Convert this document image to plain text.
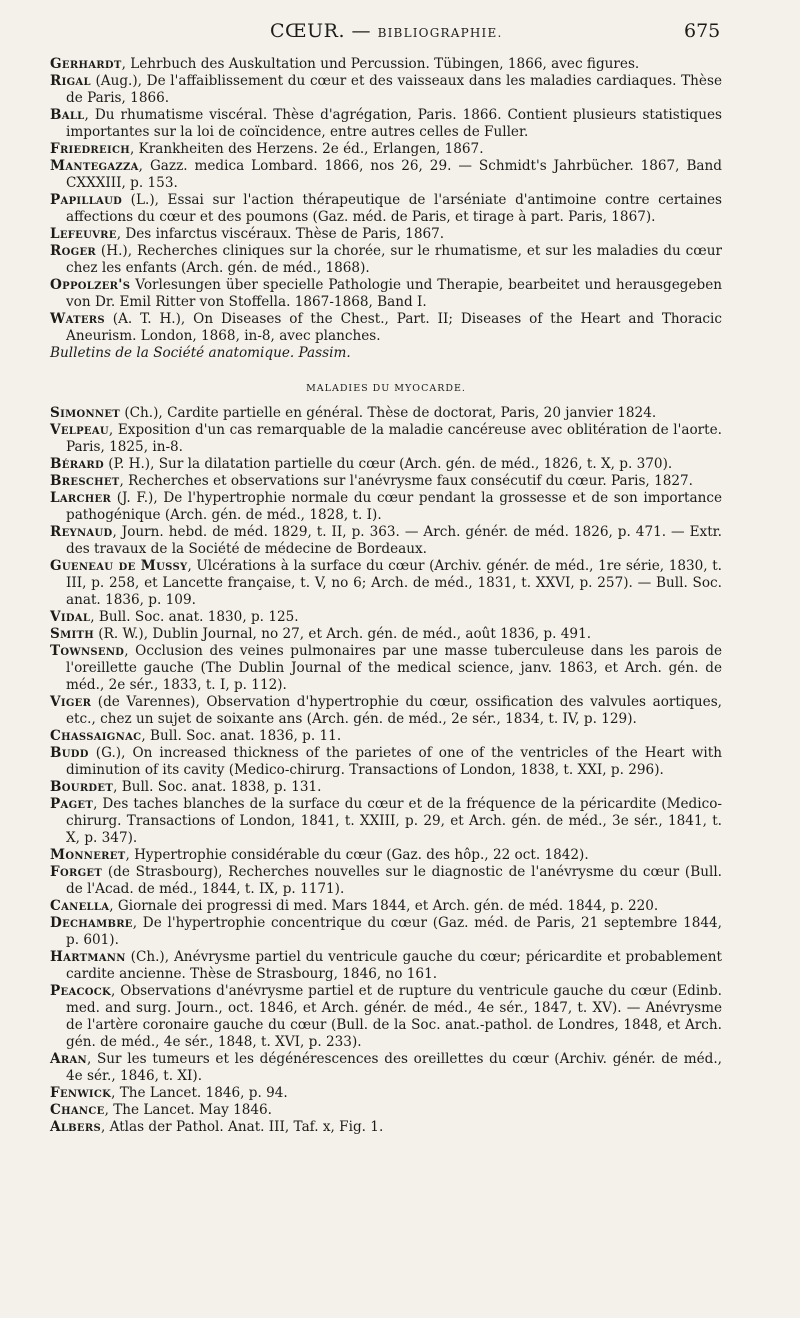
CŒUR. — BIBLIOGRAPHIE.	675

Gerhardt, Lehrbuch des Auskultation und Percussion. Tübingen, 1866, avec figures.

Rigal (Aug.), De l'affaiblissement du cœur et des vaisseaux dans les maladies cardiaques. Thèse de Paris, 1866.

Ball, Du rhumatisme viscéral. Thèse d'agrégation, Paris. 1866. Contient plusieurs statistiques importantes sur la loi de coïncidence, entre autres celles de Fuller.

Friedreich, Krankheiten des Herzens. 2e éd., Erlangen, 1867.

Mantegazza, Gazz. medica Lombard. 1866, nos 26, 29. — Schmidt's Jahrbücher. 1867, Band CXXXIII, p. 153.

Papillaud (L.), Essai sur l'action thérapeutique de l'arséniate d'antimoine contre certaines affections du cœur et des poumons (Gaz. méd. de Paris, et tirage à part. Paris, 1867).

Lefeuvre, Des infarctus viscéraux. Thèse de Paris, 1867.

Roger (H.), Recherches cliniques sur la chorée, sur le rhumatisme, et sur les maladies du cœur chez les enfants (Arch. gén. de méd., 1868).

Oppolzer's Vorlesungen über specielle Pathologie und Therapie, bearbeitet und herausgegeben von Dr. Emil Ritter von Stoffella. 1867-1868, Band I.

Waters (A. T. H.), On Diseases of the Chest., Part. II; Diseases of the Heart and Thoracic Aneurism. London, 1868, in-8, avec planches.

Bulletins de la Société anatomique. Passim.

MALADIES DU MYOCARDE.

Simonnet (Ch.), Cardite partielle en général. Thèse de doctorat, Paris, 20 janvier 1824.

Velpeau, Exposition d'un cas remarquable de la maladie cancéreuse avec oblitération de l'aorte. Paris, 1825, in-8.

Bérard (P. H.), Sur la dilatation partielle du cœur (Arch. gén. de méd., 1826, t. X, p. 370).

Breschet, Recherches et observations sur l'anévrysme faux consécutif du cœur. Paris, 1827.

Larcher (J. F.), De l'hypertrophie normale du cœur pendant la grossesse et de son importance pathogénique (Arch. gén. de méd., 1828, t. I).

Reynaud, Journ. hebd. de méd. 1829, t. II, p. 363. — Arch. génér. de méd. 1826, p. 471. — Extr. des travaux de la Société de médecine de Bordeaux.

Gueneau de Mussy, Ulcérations à la surface du cœur (Archiv. génér. de méd., 1re série, 1830, t. III, p. 258, et Lancette française, t. V, no 6; Arch. de méd., 1831, t. XXVI, p. 257). — Bull. Soc. anat. 1836, p. 109.

Vidal, Bull. Soc. anat. 1830, p. 125.

Smith (R. W.), Dublin Journal, no 27, et Arch. gén. de méd., août 1836, p. 491.

Townsend, Occlusion des veines pulmonaires par une masse tuberculeuse dans les parois de l'oreillette gauche (The Dublin Journal of the medical science, janv. 1863, et Arch. gén. de méd., 2e sér., 1833, t. I, p. 112).

Viger (de Varennes), Observation d'hypertrophie du cœur, ossification des valvules aortiques, etc., chez un sujet de soixante ans (Arch. gén. de méd., 2e sér., 1834, t. IV, p. 129).

Chassaignac, Bull. Soc. anat. 1836, p. 11.

Budd (G.), On increased thickness of the parietes of one of the ventricles of the Heart with diminution of its cavity (Medico-chirurg. Transactions of London, 1838, t. XXI, p. 296).

Bourdet, Bull. Soc. anat. 1838, p. 131.

Paget, Des taches blanches de la surface du cœur et de la fréquence de la péricardite (Medico-chirurg. Transactions of London, 1841, t. XXIII, p. 29, et Arch. gén. de méd., 3e sér., 1841, t. X, p. 347).

Monneret, Hypertrophie considérable du cœur (Gaz. des hôp., 22 oct. 1842).

Forget (de Strasbourg), Recherches nouvelles sur le diagnostic de l'anévrysme du cœur (Bull. de l'Acad. de méd., 1844, t. IX, p. 1171).

Canella, Giornale dei progressi di med. Mars 1844, et Arch. gén. de méd. 1844, p. 220.

Dechambre, De l'hypertrophie concentrique du cœur (Gaz. méd. de Paris, 21 septembre 1844, p. 601).

Hartmann (Ch.), Anévrysme partiel du ventricule gauche du cœur; péricardite et probablement cardite ancienne. Thèse de Strasbourg, 1846, no 161.

Peacock, Observations d'anévrysme partiel et de rupture du ventricule gauche du cœur (Edinb. med. and surg. Journ., oct. 1846, et Arch. génér. de méd., 4e sér., 1847, t. XV). — Anévrysme de l'artère coronaire gauche du cœur (Bull. de la Soc. anat.-pathol. de Londres, 1848, et Arch. gén. de méd., 4e sér., 1848, t. XVI, p. 233).

Aran, Sur les tumeurs et les dégénérescences des oreillettes du cœur (Archiv. génér. de méd., 4e sér., 1846, t. XI).

Fenwick, The Lancet. 1846, p. 94.

Chance, The Lancet. May 1846.

Albers, Atlas der Pathol. Anat. III, Taf. x, Fig. 1.
